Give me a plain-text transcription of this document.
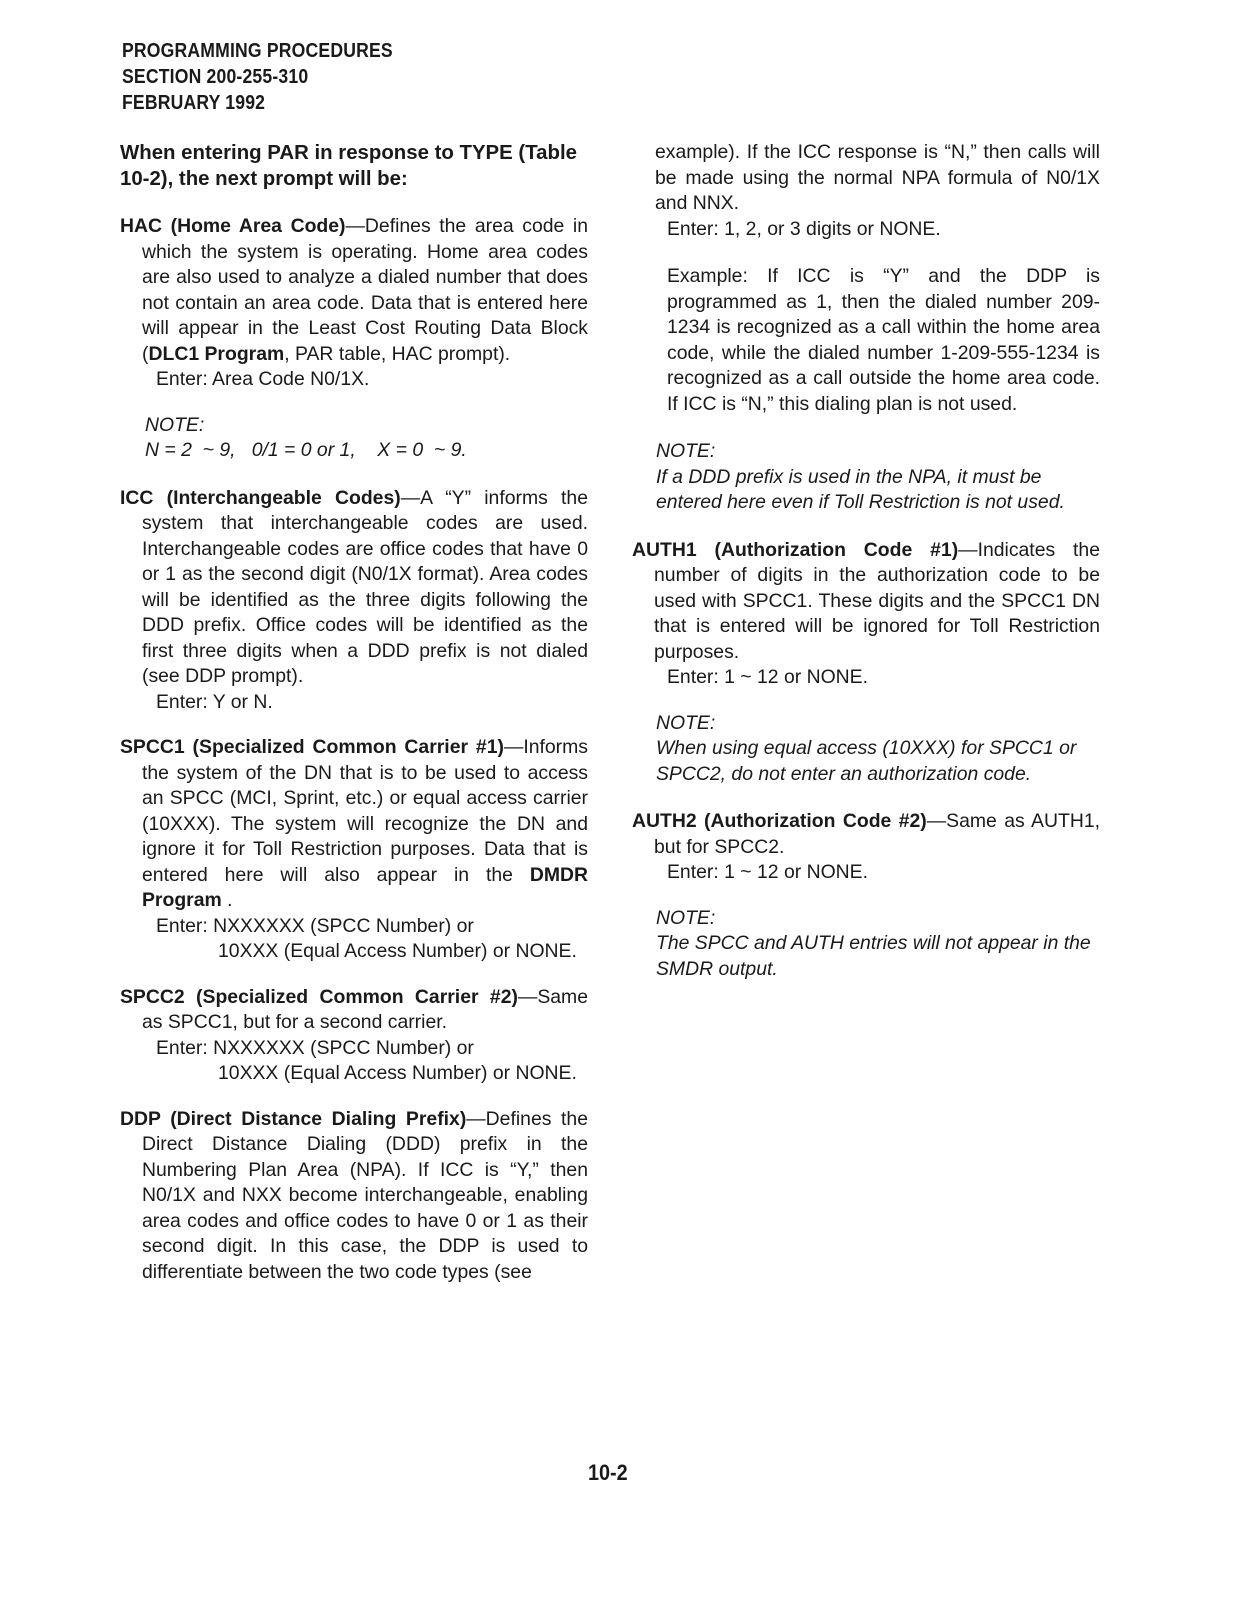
PROGRAMMING PROCEDURES
SECTION 200-255-310
FEBRUARY 1992
When entering PAR in response to TYPE (Table 10-2), the next prompt will be:
HAC (Home Area Code)—Defines the area code in which the system is operating. Home area codes are also used to analyze a dialed number that does not contain an area code. Data that is entered here will appear in the Least Cost Routing Data Block (DLC1 Program, PAR table, HAC prompt).
Enter: Area Code N0/1X.
NOTE:
N = 2  ~ 9,   0/1 = 0 or 1,    X = 0  ~ 9.
ICC (Interchangeable Codes)—A “Y” informs the system that interchangeable codes are used. Interchangeable codes are office codes that have 0 or 1 as the second digit (N0/1X format). Area codes will be identified as the three digits following the DDD prefix. Office codes will be identified as the first three digits when a DDD prefix is not dialed (see DDP prompt).
Enter: Y or N.
SPCC1 (Specialized Common Carrier #1)—Informs the system of the DN that is to be used to access an SPCC (MCI, Sprint, etc.) or equal access carrier (10XXX). The system will recognize the DN and ignore it for Toll Restriction purposes. Data that is entered here will also appear in the DMDR Program .
Enter: NXXXXXX (SPCC Number) or
10XXX (Equal Access Number) or NONE.
SPCC2 (Specialized Common Carrier #2)—Same as SPCC1, but for a second carrier.
Enter: NXXXXXX (SPCC Number) or
10XXX (Equal Access Number) or NONE.
DDP (Direct Distance Dialing Prefix)—Defines the Direct Distance Dialing (DDD) prefix in the Numbering Plan Area (NPA). If ICC is “Y,” then N0/1X and NXX become interchangeable, enabling area codes and office codes to have 0 or 1 as their second digit. In this case, the DDP is used to differentiate between the two code types (see
example). If the ICC response is “N,” then calls will be made using the normal NPA formula of N0/1X and NNX.
Enter: 1, 2, or 3 digits or NONE.
Example: If ICC is “Y” and the DDP is programmed as 1, then the dialed number 209-1234 is recognized as a call within the home area code, while the dialed number 1-209-555-1234 is recognized as a call outside the home area code. If ICC is “N,” this dialing plan is not used.
NOTE:
If a DDD prefix is used in the NPA, it must be entered here even if Toll Restriction is not used.
AUTH1 (Authorization Code #1)—Indicates the number of digits in the authorization code to be used with SPCC1. These digits and the SPCC1 DN that is entered will be ignored for Toll Restriction purposes.
Enter: 1 ~ 12 or NONE.
NOTE:
When using equal access (10XXX) for SPCC1 or SPCC2, do not enter an authorization code.
AUTH2 (Authorization Code #2)—Same as AUTH1, but for SPCC2.
Enter: 1 ~ 12 or NONE.
NOTE:
The SPCC and AUTH entries will not appear in the SMDR output.
10-2
